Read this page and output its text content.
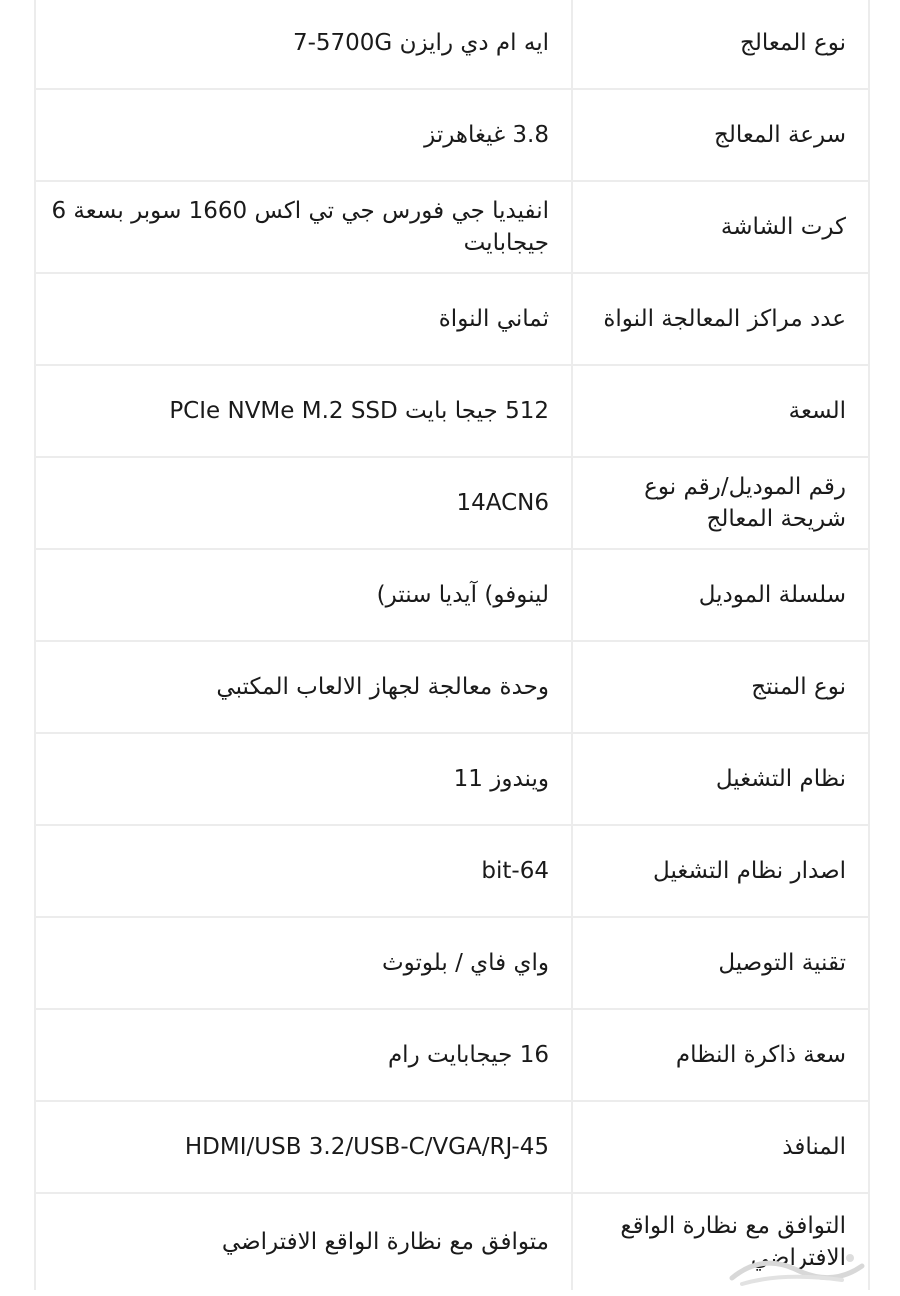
نوع المعالج
7-5700G ايه ام دي رايزن
سرعة المعالج
3.8 غيغاهرتز
كرت الشاشة
انفيديا جي فورس جي تي اكس 1660 سوبر بسعة 6 جيجابايت
عدد مراكز المعالجة النواة
ثماني النواة
السعة
512 جيجا بايت PCIe NVMe M.2 SSD
رقم الموديل/رقم نوع شريحة المعالج
14ACN6
سلسلة الموديل
لينوفو) آيديا سنتر)
نوع المنتج
وحدة معالجة لجهاز الالعاب المكتبي
نظام التشغيل
ويندوز 11
اصدار نظام التشغيل
bit-64
تقنية التوصيل
واي فاي / بلوتوث
سعة ذاكرة النظام
16 جيجابايت رام
المنافذ
HDMI/USB 3.2/USB-C/VGA/RJ-45
التوافق مع نظارة الواقع الافتراضي
متوافق مع نظارة الواقع الافتراضي
